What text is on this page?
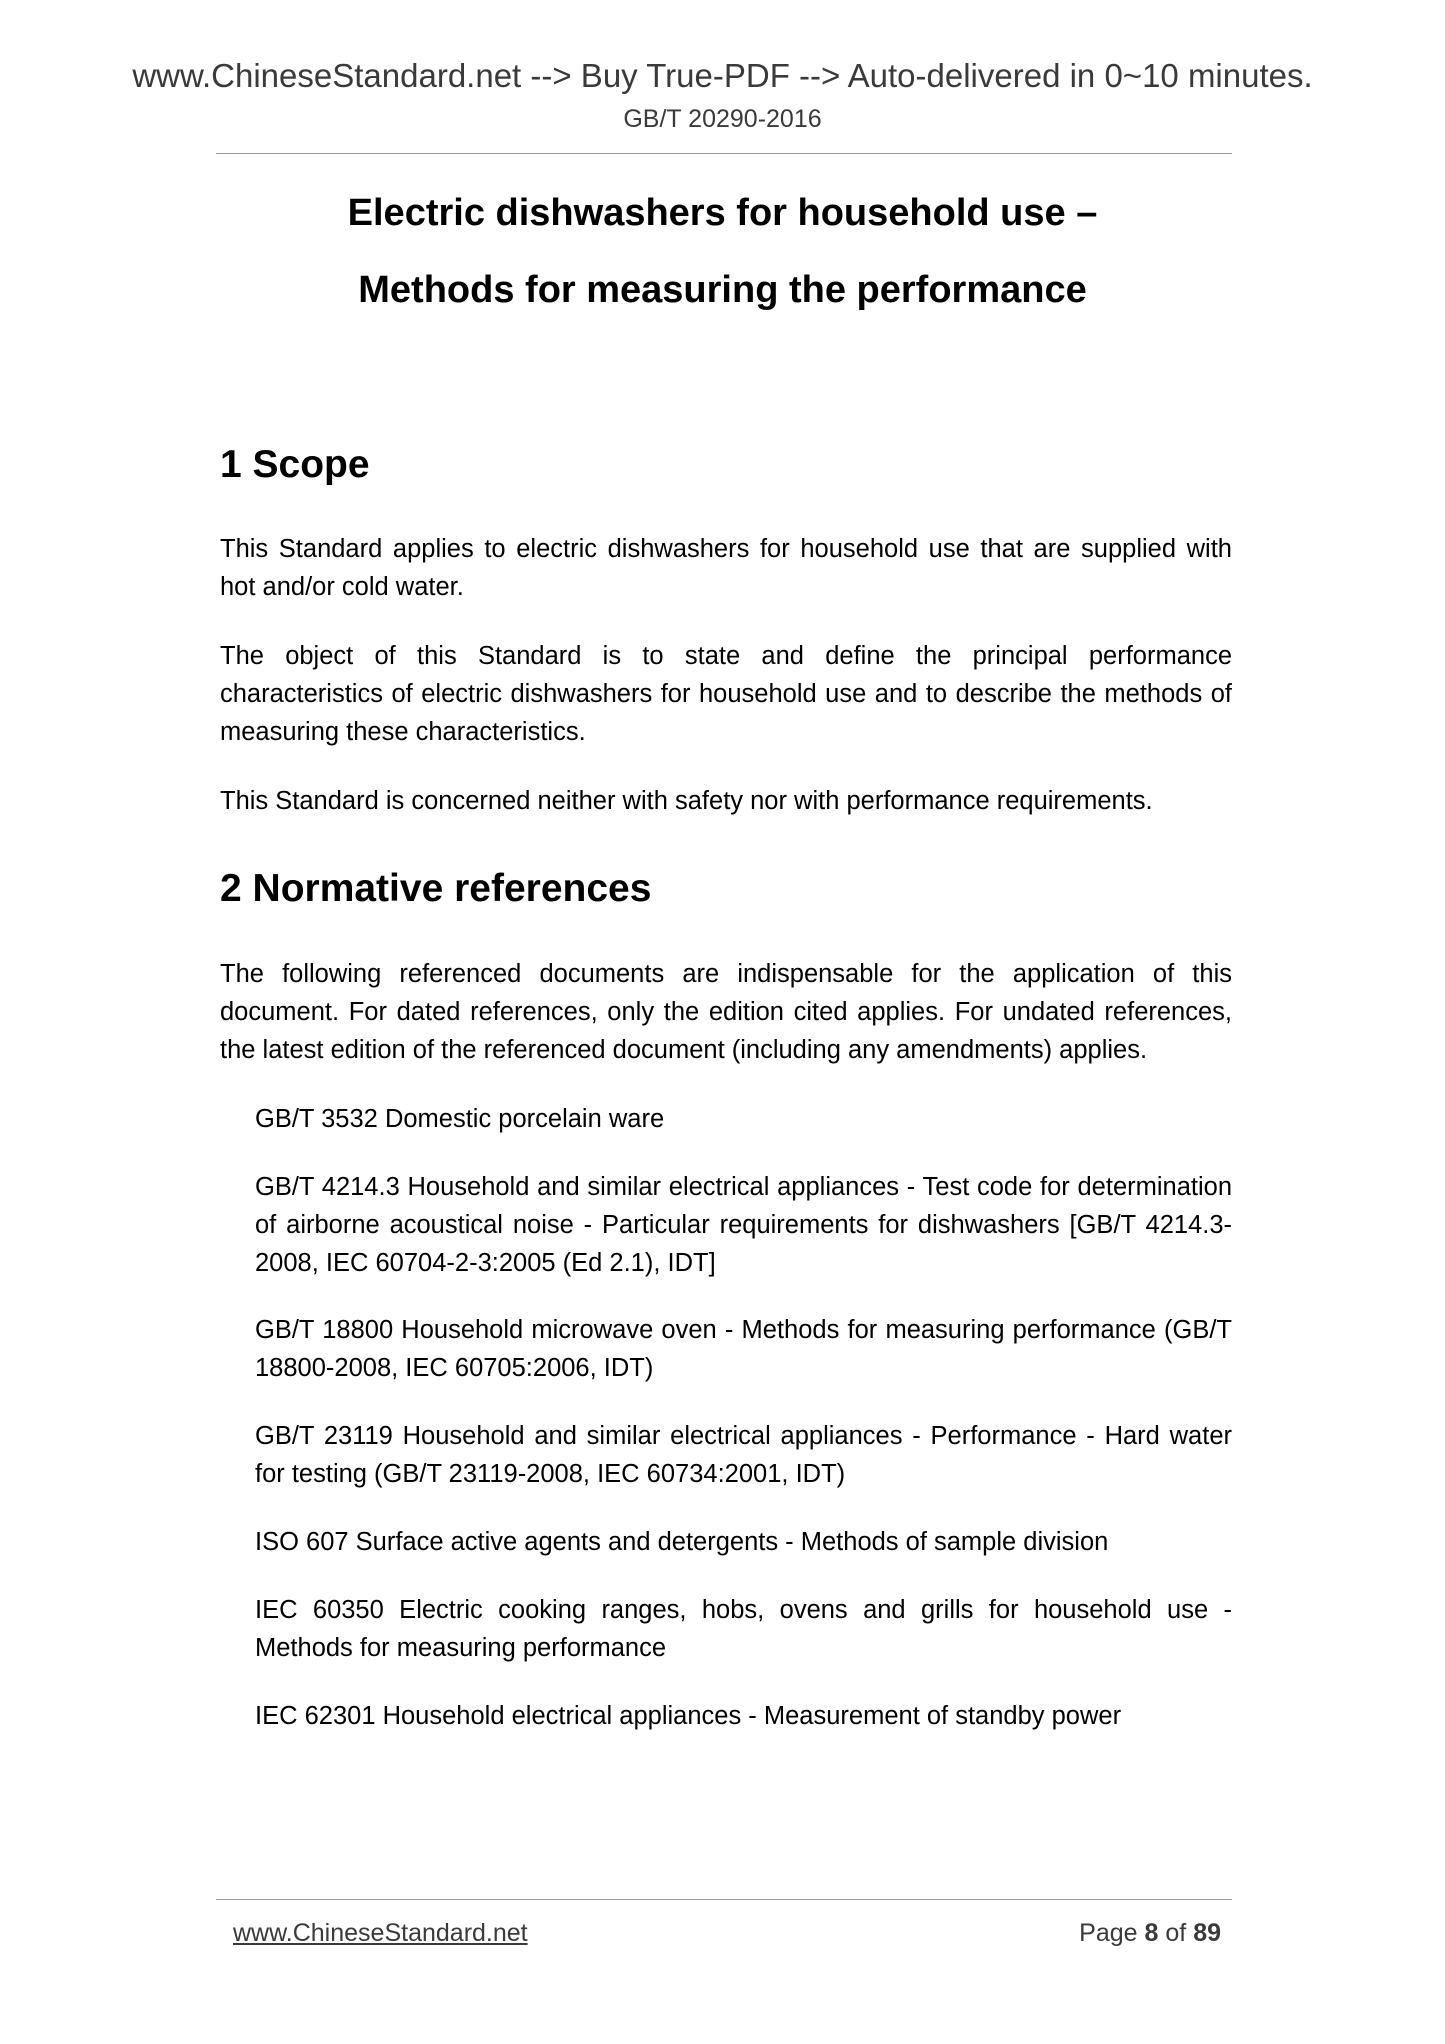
www.ChineseStandard.net --> Buy True-PDF --> Auto-delivered in 0~10 minutes.
GB/T 20290-2016
Electric dishwashers for household use –
Methods for measuring the performance
1 Scope

This Standard applies to electric dishwashers for household use that are supplied with hot and/or cold water.

The object of this Standard is to state and define the principal performance characteristics of electric dishwashers for household use and to describe the methods of measuring these characteristics.

This Standard is concerned neither with safety nor with performance requirements.

2 Normative references

The following referenced documents are indispensable for the application of this document. For dated references, only the edition cited applies. For undated references, the latest edition of the referenced document (including any amendments) applies.

GB/T 3532 Domestic porcelain ware

GB/T 4214.3 Household and similar electrical appliances - Test code for determination of airborne acoustical noise - Particular requirements for dishwashers [GB/T 4214.3-2008, IEC 60704-2-3:2005 (Ed 2.1), IDT]

GB/T 18800 Household microwave oven - Methods for measuring performance (GB/T 18800-2008, IEC 60705:2006, IDT)

GB/T 23119 Household and similar electrical appliances - Performance - Hard water for testing (GB/T 23119-2008, IEC 60734:2001, IDT)

ISO 607 Surface active agents and detergents - Methods of sample division

IEC 60350 Electric cooking ranges, hobs, ovens and grills for household use - Methods for measuring performance

IEC 62301 Household electrical appliances - Measurement of standby power

www.ChineseStandard.net	Page 8 of 89
